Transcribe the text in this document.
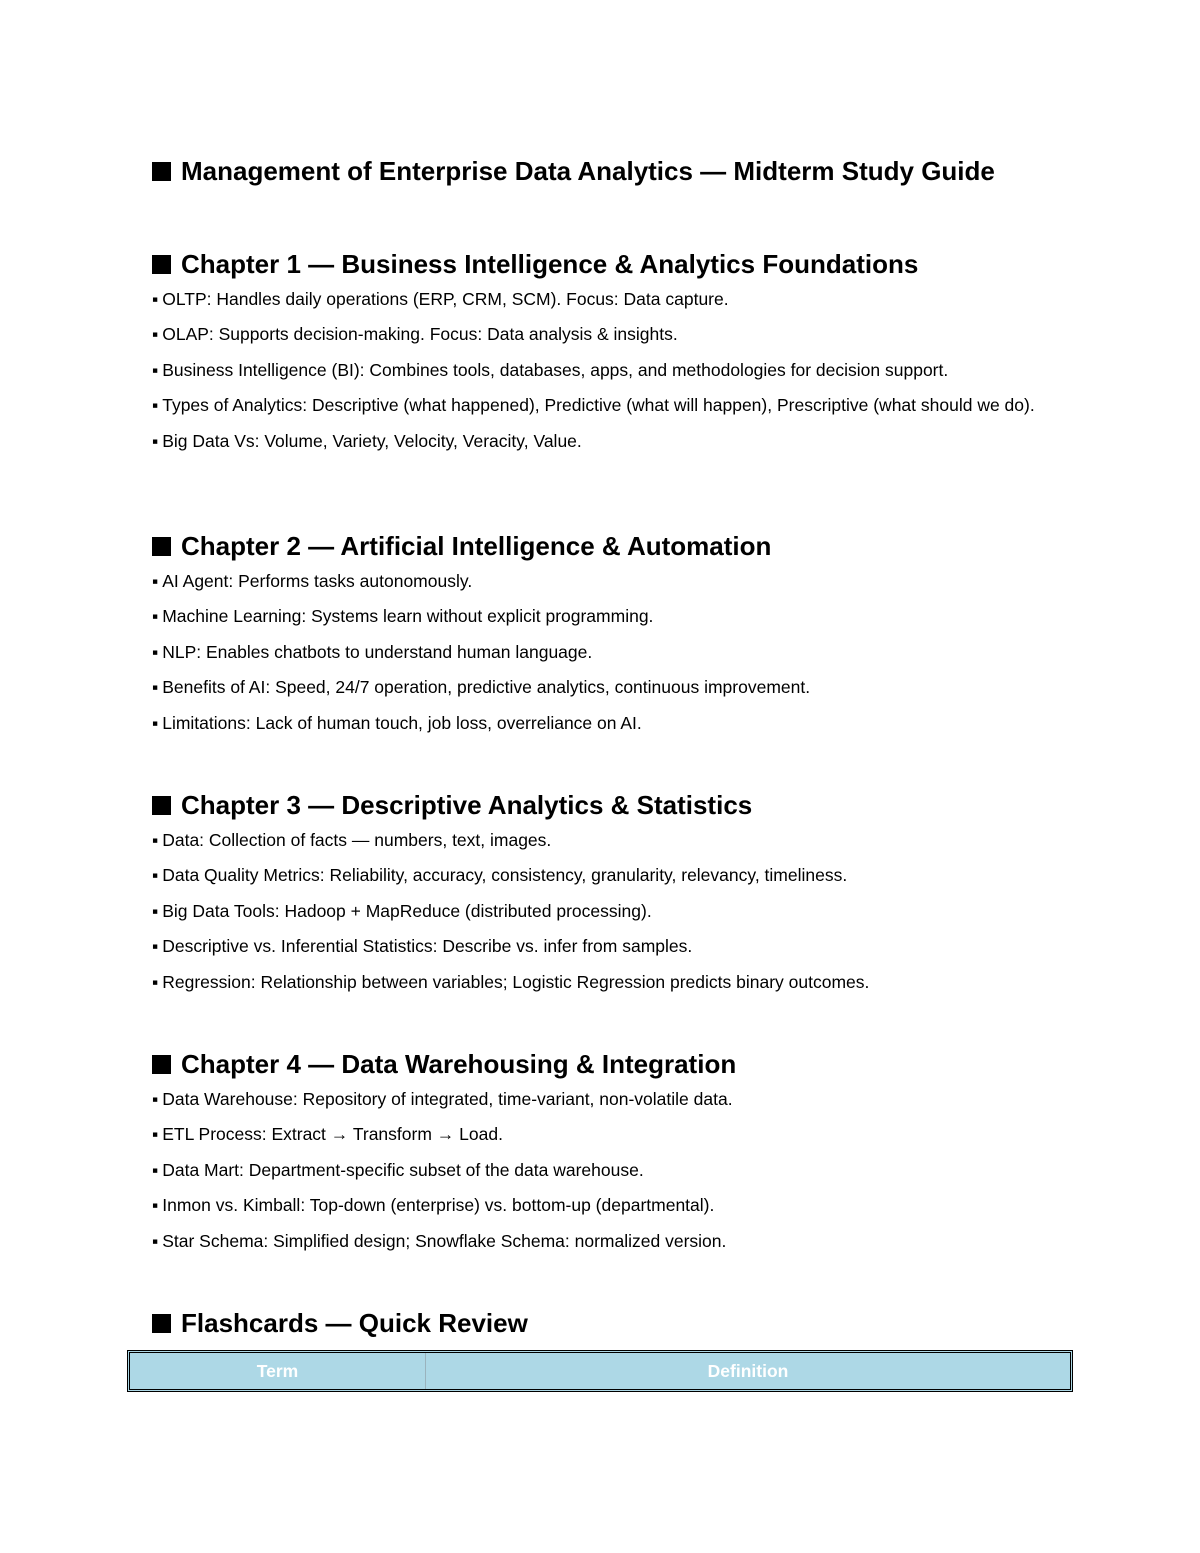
Management of Enterprise Data Analytics — Midterm Study Guide
Chapter 1 — Business Intelligence & Analytics Foundations
▪ OLTP: Handles daily operations (ERP, CRM, SCM). Focus: Data capture.
▪ OLAP: Supports decision-making. Focus: Data analysis & insights.
▪ Business Intelligence (BI): Combines tools, databases, apps, and methodologies for decision support.
▪ Types of Analytics: Descriptive (what happened), Predictive (what will happen), Prescriptive (what should we do).
▪ Big Data Vs: Volume, Variety, Velocity, Veracity, Value.
Chapter 2 — Artificial Intelligence & Automation
▪ AI Agent: Performs tasks autonomously.
▪ Machine Learning: Systems learn without explicit programming.
▪ NLP: Enables chatbots to understand human language.
▪ Benefits of AI: Speed, 24/7 operation, predictive analytics, continuous improvement.
▪ Limitations: Lack of human touch, job loss, overreliance on AI.
Chapter 3 — Descriptive Analytics & Statistics
▪ Data: Collection of facts — numbers, text, images.
▪ Data Quality Metrics: Reliability, accuracy, consistency, granularity, relevancy, timeliness.
▪ Big Data Tools: Hadoop + MapReduce (distributed processing).
▪ Descriptive vs. Inferential Statistics: Describe vs. infer from samples.
▪ Regression: Relationship between variables; Logistic Regression predicts binary outcomes.
Chapter 4 — Data Warehousing & Integration
▪ Data Warehouse: Repository of integrated, time-variant, non-volatile data.
▪ ETL Process: Extract → Transform → Load.
▪ Data Mart: Department-specific subset of the data warehouse.
▪ Inmon vs. Kimball: Top-down (enterprise) vs. bottom-up (departmental).
▪ Star Schema: Simplified design; Snowflake Schema: normalized version.
Flashcards — Quick Review
Term	Definition
